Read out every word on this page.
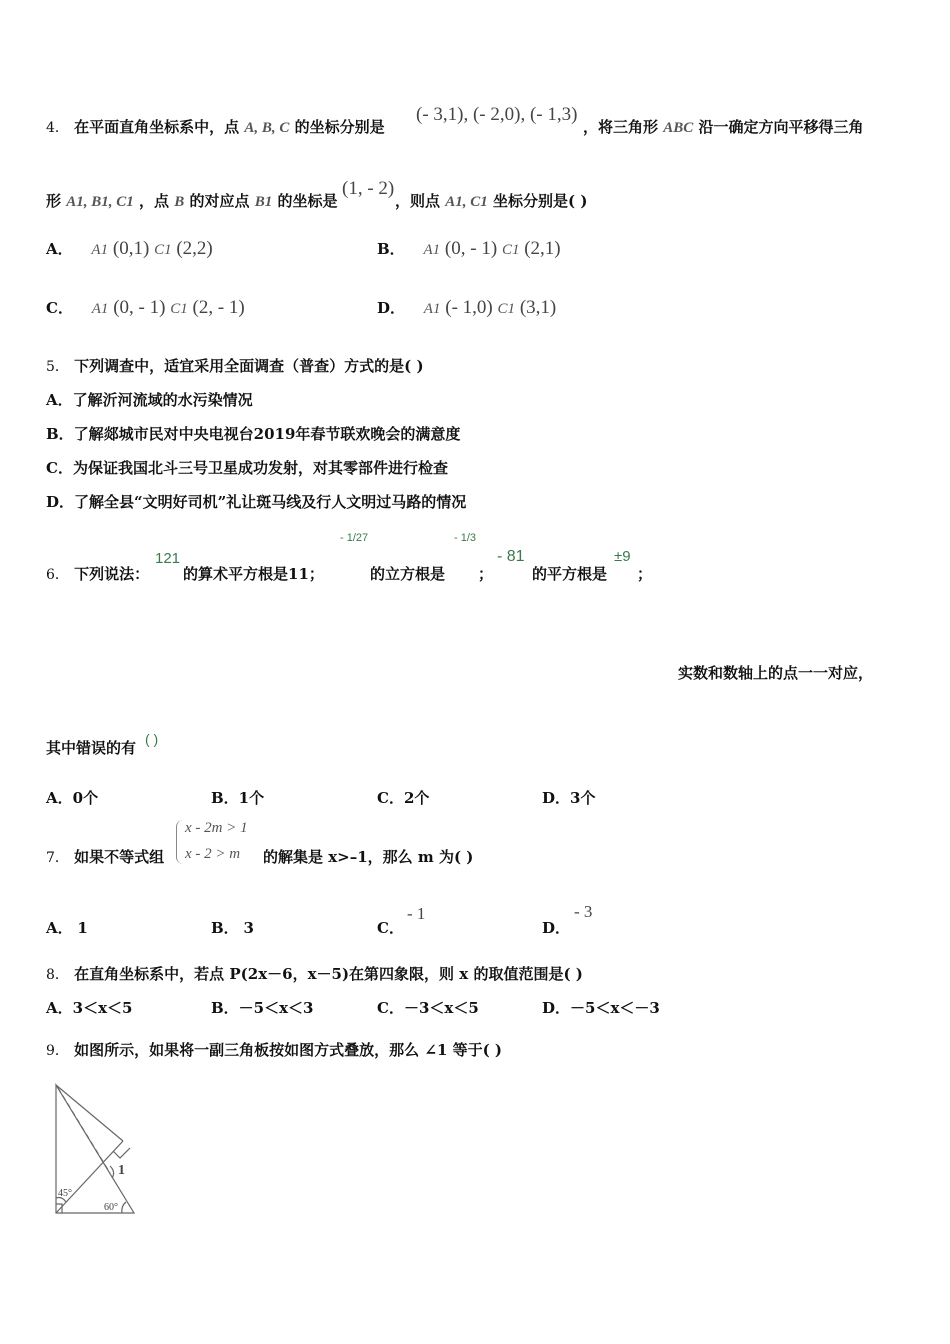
4． 在平面直角坐标系中，点 A, B, C 的坐标分别是
(- 3,1), (- 2,0), (- 1,3)
，将三角形 ABC 沿一确定方向平移得三角
形 A1, B1, C1 ，点 B 的对应点 B1 的坐标是
(1, - 2)
，则点 A1, C1 坐标分别是( )
A． A1 (0,1) C1 (2,2)	B． A1 (0, - 1) C1 (2,1)
C． A1 (0, - 1) C1 (2, - 1)	D． A1 (- 1,0) C1 (3,1)
5． 下列调查中，适宜采用全面调查（普查）方式的是( )
A．了解沂河流域的水污染情况
B．了解郯城市民对中央电视台2019年春节联欢晚会的满意度
C．为保证我国北斗三号卫星成功发射，对其零部件进行检查
D．了解全县“文明好司机”礼让斑马线及行人文明过马路的情况
6． 下列说法：
121
的算术平方根是11；
- 1/27
的立方根是
- 1/3
；
- 81
的平方根是
±9
；
实数和数轴上的点一一对应，
其中错误的有 ( )
A．0个	B．1个	C．2个	D．3个
7． 如果不等式组
x - 2m > 1
x - 2 > m 的解集是 x>–1，那么 m 为( )
A． 1	B． 3	C．
- 1
D．
- 3
8． 在直角坐标系中，若点 P(2x－6，x－5)在第四象限，则 x 的取值范围是( )
A．3＜x＜5	B．－5＜x＜3	C．－3＜x＜5	D．－5＜x＜－3
9． 如图所示，如果将一副三角板按如图方式叠放，那么 ∠1 等于( )
1
45°
60°
